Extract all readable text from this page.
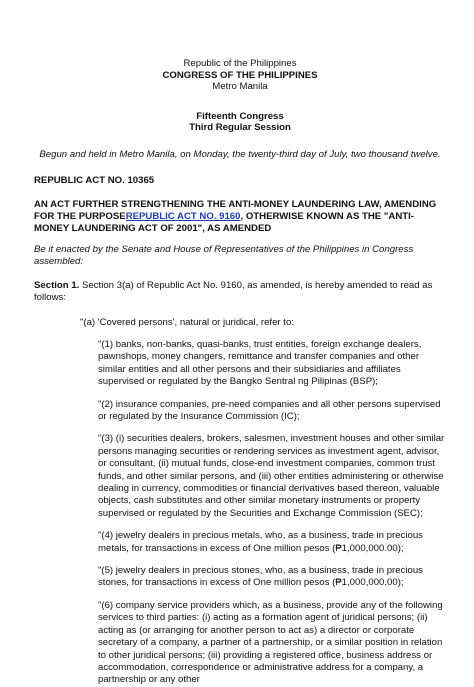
Republic of the Philippines
CONGRESS OF THE PHILIPPINES
Metro Manila
Fifteenth Congress
Third Regular Session
Begun and held in Metro Manila, on Monday, the twenty-third day of July, two thousand twelve.
REPUBLIC ACT NO. 10365
AN ACT FURTHER STRENGTHENING THE ANTI-MONEY LAUNDERING LAW, AMENDING FOR THE PURPOSEREPUBLIC ACT NO. 9160, OTHERWISE KNOWN AS THE "ANTI-MONEY LAUNDERING ACT OF 2001", AS AMENDED
Be it enacted by the Senate and House of Representatives of the Philippines in Congress assembled:
Section 1. Section 3(a) of Republic Act No. 9160, as amended, is hereby amended to read as follows:
"(a) 'Covered persons', natural or juridical, refer to:
"(1) banks, non-banks, quasi-banks, trust entities, foreign exchange dealers, pawnshops, money changers, remittance and transfer companies and other similar entities and all other persons and their subsidiaries and affiliates supervised or regulated by the Bangko Sentral ng Pilipinas (BSP);
"(2) insurance companies, pre-need companies and all other persons supervised or regulated by the Insurance Commission (IC);
"(3) (i) securities dealers, brokers, salesmen, investment houses and other similar persons managing securities or rendering services as investment agent, advisor, or consultant, (ii) mutual funds, close-end investment companies, common trust funds, and other similar persons, and (iii) other entities administering or otherwise dealing in currency, commodities or financial derivatives based thereon, valuable objects, cash substitutes and other similar monetary instruments or property supervised or regulated by the Securities and Exchange Commission (SEC);
"(4) jewelry dealers in precious metals, who, as a business, trade in precious metals, for transactions in excess of One million pesos (₱1,000,000.00);
"(5) jewelry dealers in precious stones, who, as a business, trade in precious stones, for transactions in excess of One million pesos (₱1,000,000.00);
"(6) company service providers which, as a business, provide any of the following services to third parties: (i) acting as a formation agent of juridical persons; (ii) acting as (or arranging for another person to act as) a director or corporate secretary of a company, a partner of a partnership, or a similar position in relation to other juridical persons; (iii) providing a registered office, business address or accommodation, correspondence or administrative address for a company, a partnership or any other
